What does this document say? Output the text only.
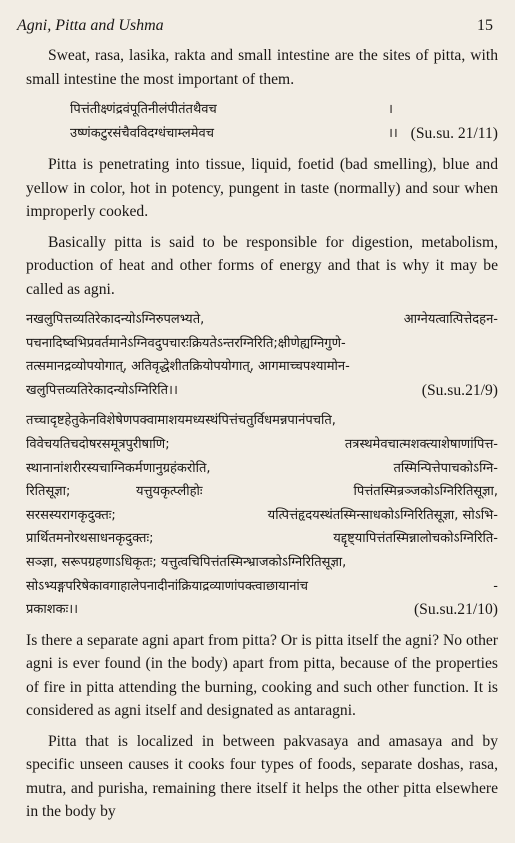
Agni, Pitta and Ushma	15

Sweat, rasa, lasika, rakta and small intestine are the sites of pitta, with small intestine the most important of them.

पित्तंतीक्ष्णंद्रवंपूतिनीलंपीतंतथैवच	।
उष्णंकटुरसंचैवविदग्धंचाम्लमेवच	।। (Su.su. 21/11)

Pitta is penetrating into tissue, liquid, foetid (bad smelling), blue and yellow in color, hot in potency, pungent in taste (normally) and sour when improperly cooked.

Basically pitta is said to be responsible for digestion, metabolism, production of heat and other forms of energy and that is why it may be called as agni.

नखलुपित्तव्यतिरेकादन्योऽग्निरुपलभ्यते,	आग्नेयत्वात्पित्तेदहन-
पचनादिष्वभिप्रवर्तमानेऽग्निवदुपचारःक्रियतेऽन्तरग्निरिति;क्षीणेह्यग्निगुणे-
तत्समानद्रव्योपयोगात्, अतिवृद्धेशीतक्रियोपयोगात्, आगमाच्चपश्यामोन-
खलुपित्तव्यतिरेकादन्योऽग्निरिति।।	(Su.su.21/9)
तच्चादृष्टहेतुकेनविशेषेणपक्वामाशयमध्यस्थंपित्तंचतुर्विधमन्नपानंपचति,
विवेचयतिचदोषरसमूत्रपुरीषाणि;	तत्रस्थमेवचात्मशक्त्याशेषाणांपित्त-
स्थानानांशरीरस्यचाग्निकर्मणानुग्रहंकरोति,	तस्मिन्पित्तेपाचकोऽग्नि-
रितिसूज्ञा;	यत्तुयकृत्प्लीहोः	पित्तंतस्मिन्रञ्जकोऽग्निरितिसूज्ञा,
सरसस्यरागकृदुक्तः;	यत्पित्तंहृदयस्थंतस्मिन्साधकोऽग्निरितिसूज्ञा, सोऽभि-
प्रार्थितमनोरथसाधनकृदुक्तः;	यद्दृष्ट्यापित्तंतस्मिन्नालोचकोऽग्निरिति-
सञ्ज्ञा, सरूपग्रहणाऽधिकृतः; यत्तुत्वचिपित्तंतस्मिन्भ्राजकोऽग्निरितिसूज्ञा,
सोऽभ्यङ्गपरिषेकावगाहालेपनादीनांक्रियाद्रव्याणांपक्त्वाछायानांच	-
प्रकाशकः।।	(Su.su.21/10)

Is there a separate agni apart from pitta? Or is pitta itself the agni? No other agni is ever found (in the body) apart from pitta, because of the properties of fire in pitta attending the burning, cooking and such other function. It is considered as agni itself and designated as antaragni.

Pitta that is localized in between pakvasaya and amasaya and by specific unseen causes it cooks four types of foods, separate doshas, rasa, mutra, and purisha, remaining there itself it helps the other pitta elsewhere in the body by
